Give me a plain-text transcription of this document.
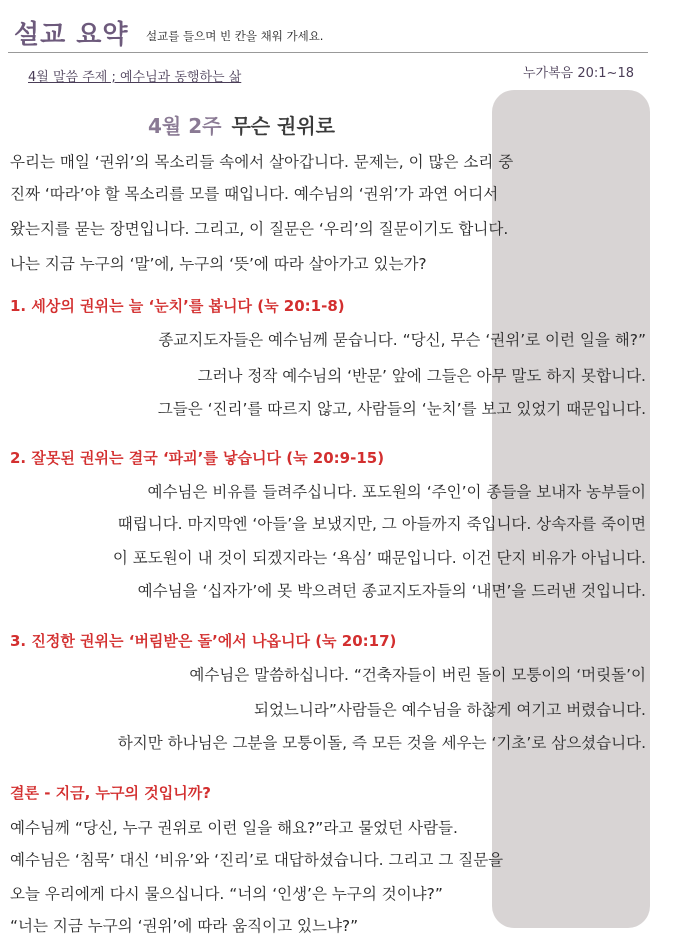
설교 요약 설교를 들으며 빈 칸을 채워 가세요.
4월 말씀 주제 ; 예수님과 동행하는 삶	누가복음 20:1~18
4월 2주 무슨 권위로
우리는 매일 ‘권위’의 목소리들 속에서 살아갑니다. 문제는, 이 많은 소리 중
진짜 ‘따라’야 할 목소리를 모를 때입니다. 예수님의 ‘권위’가 과연 어디서
왔는지를 묻는 장면입니다. 그리고, 이 질문은 ‘우리’의 질문이기도 합니다.
나는 지금 누구의 ‘말’에, 누구의 ‘뜻’에 따라 살아가고 있는가?
1. 세상의 권위는 늘 ‘눈치’를 봅니다 (눅 20:1-8)
종교지도자들은 예수님께 묻습니다. “당신, 무슨 ‘권위’로 이런 일을 해?”
그러나 정작 예수님의 ‘반문’ 앞에 그들은 아무 말도 하지 못합니다.
그들은 ‘진리’를 따르지 않고, 사람들의 ‘눈치’를 보고 있었기 때문입니다.
2. 잘못된 권위는 결국 ‘파괴’를 낳습니다 (눅 20:9-15)
예수님은 비유를 들려주십니다. 포도원의 ‘주인’이 종들을 보내자 농부들이
때립니다. 마지막엔 ‘아들’을 보냈지만, 그 아들까지 죽입니다. 상속자를 죽이면
이 포도원이 내 것이 되겠지라는 ‘욕심’ 때문입니다. 이건 단지 비유가 아닙니다.
예수님을 ‘십자가’에 못 박으려던 종교지도자들의 ‘내면’을 드러낸 것입니다.
3. 진정한 권위는 ‘버림받은 돌’에서 나옵니다 (눅 20:17)
예수님은 말씀하십니다. “건축자들이 버린 돌이 모퉁이의 ‘머릿돌’이
되었느니라”사람들은 예수님을 하찮게 여기고 버렸습니다.
하지만 하나님은 그분을 모퉁이돌, 즉 모든 것을 세우는 ‘기초’로 삼으셨습니다.
결론 - 지금, 누구의 것입니까?
예수님께 “당신, 누구 권위로 이런 일을 해요?”라고 물었던 사람들.
예수님은 ‘침묵’ 대신 ‘비유’와 ‘진리’로 대답하셨습니다. 그리고 그 질문을
오늘 우리에게 다시 물으십니다. “너의 ‘인생’은 누구의 것이냐?”
“너는 지금 누구의 ‘권위’에 따라 움직이고 있느냐?”
